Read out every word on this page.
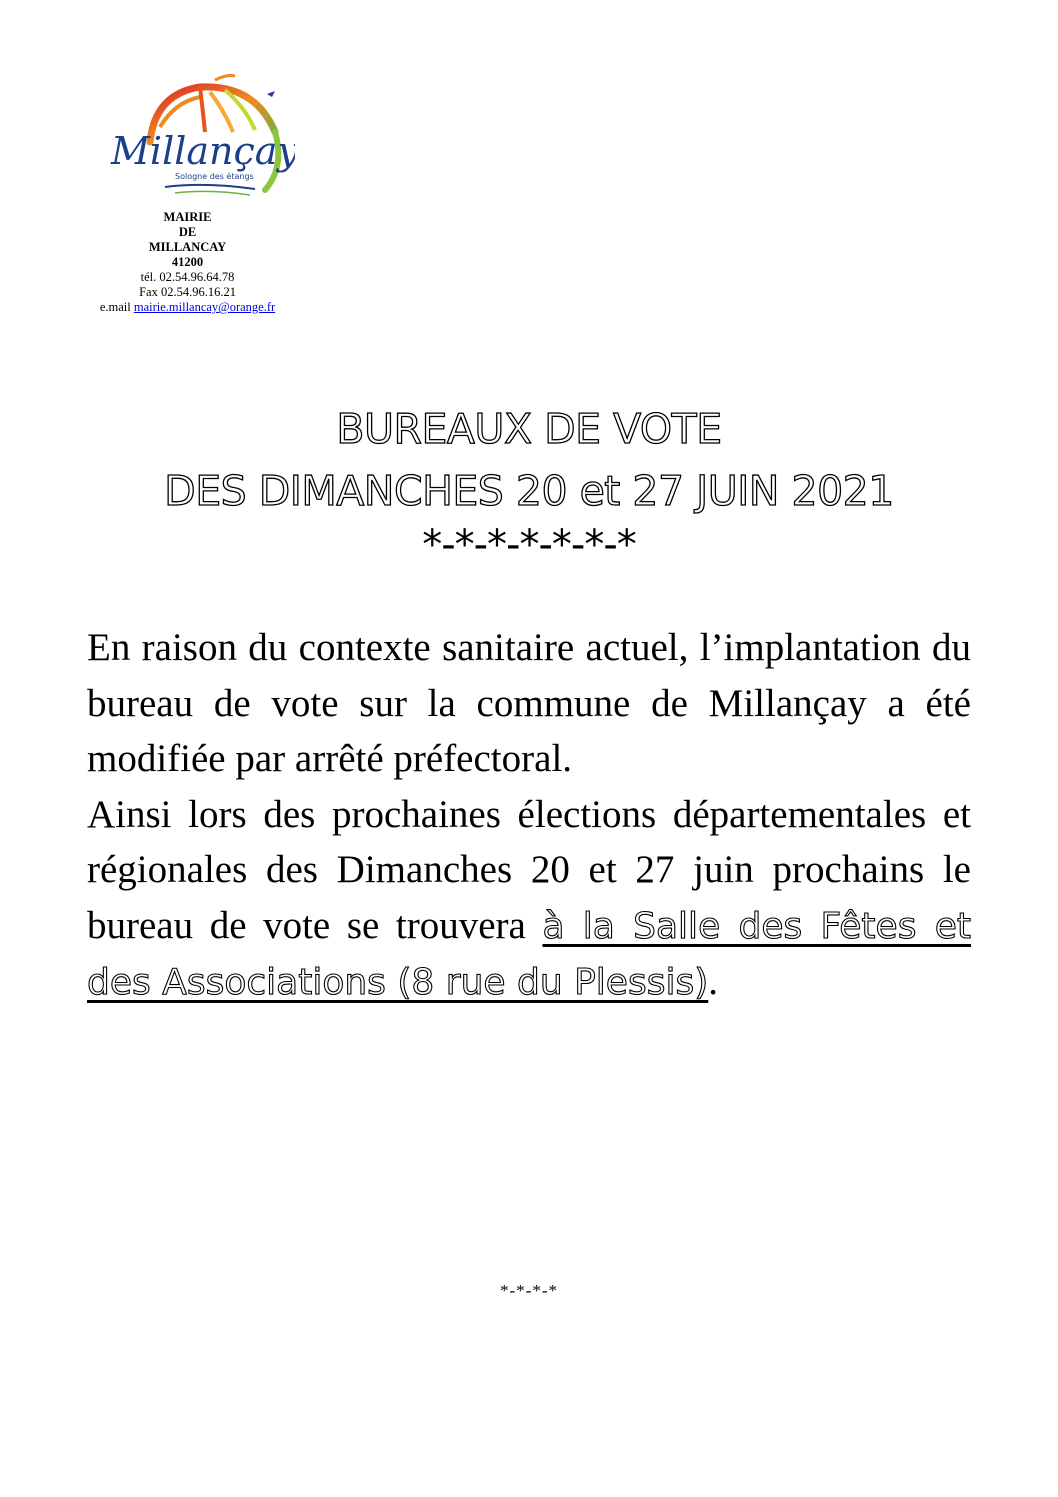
Millançay
Sologne des étangs
MAIRIE
DE
MILLANCAY
41200
tél. 02.54.96.64.78
Fax 02.54.96.16.21
e.mail mairie.millancay@orange.fr
BUREAUX DE VOTE
DES DIMANCHES 20 et 27 JUIN 2021
*-*-*-*-*-*-*

En raison du contexte sanitaire actuel, l’implantation du bureau de vote sur la commune de Millançay a été modifiée par arrêté préfectoral.

Ainsi lors des prochaines élections départementales et régionales des Dimanches 20 et 27 juin prochains le bureau de vote se trouvera à la Salle des Fêtes et des Associations (8 rue du Plessis).

*-*-*-*
